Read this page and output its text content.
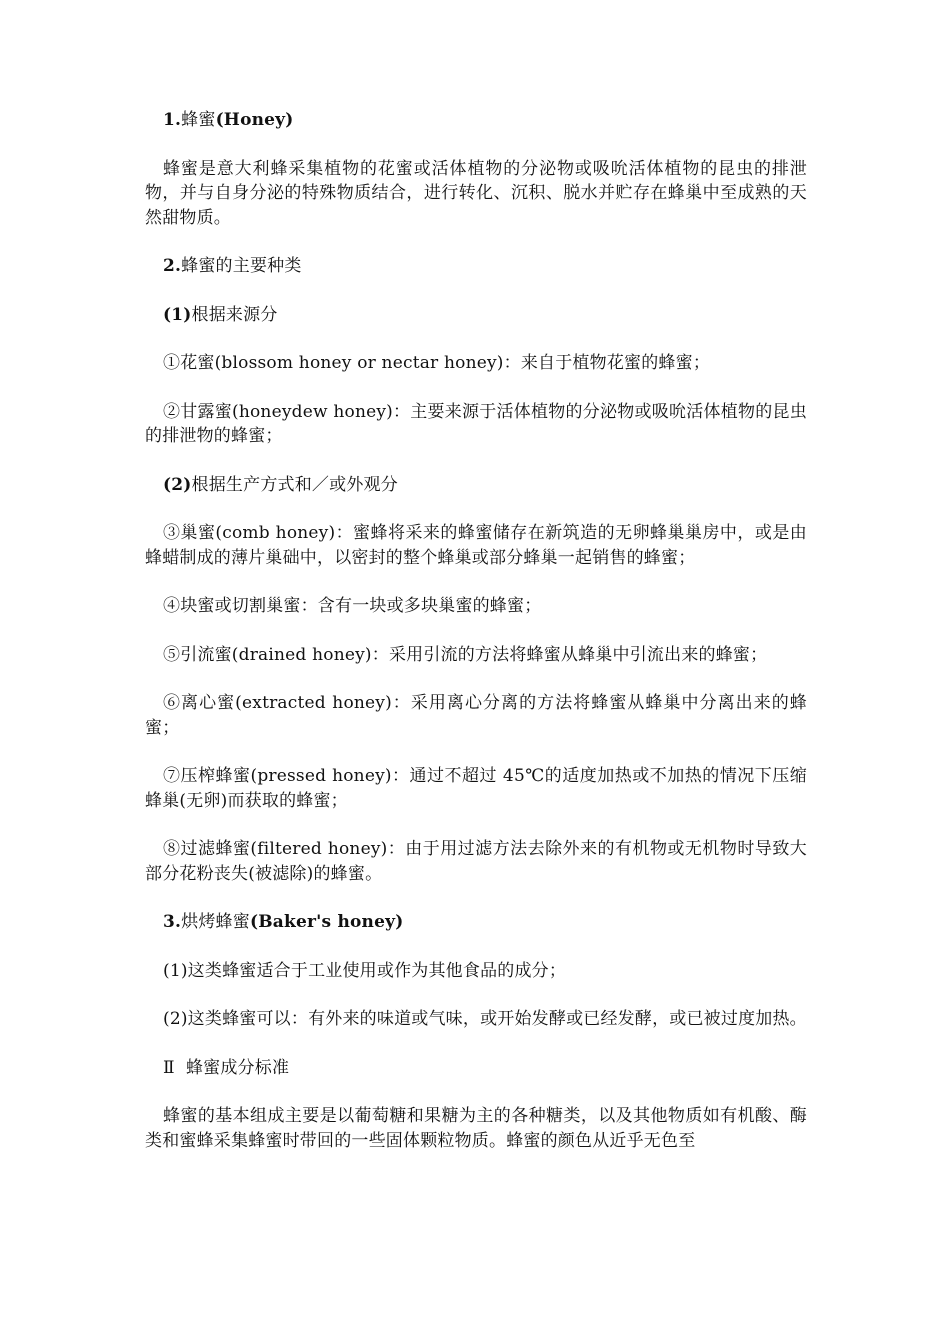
1.蜂蜜(Honey)

蜂蜜是意大利蜂采集植物的花蜜或活体植物的分泌物或吸吮活体植物的昆虫的排泄物，并与自身分泌的特殊物质结合，进行转化、沉积、脱水并贮存在蜂巢中至成熟的天然甜物质。

2.蜂蜜的主要种类

(1)根据来源分

①花蜜(blossom honey or nectar honey)：来自于植物花蜜的蜂蜜；

②甘露蜜(honeydew honey)：主要来源于活体植物的分泌物或吸吮活体植物的昆虫的排泄物的蜂蜜；

(2)根据生产方式和／或外观分

③巢蜜(comb honey)：蜜蜂将采来的蜂蜜储存在新筑造的无卵蜂巢巢房中，或是由蜂蜡制成的薄片巢础中，以密封的整个蜂巢或部分蜂巢一起销售的蜂蜜；

④块蜜或切割巢蜜：含有一块或多块巢蜜的蜂蜜；

⑤引流蜜(drained honey)：采用引流的方法将蜂蜜从蜂巢中引流出来的蜂蜜；

⑥离心蜜(extracted honey)：采用离心分离的方法将蜂蜜从蜂巢中分离出来的蜂蜜；

⑦压榨蜂蜜(pressed honey)：通过不超过 45℃的适度加热或不加热的情况下压缩蜂巢(无卵)而获取的蜂蜜；

⑧过滤蜂蜜(filtered honey)：由于用过滤方法去除外来的有机物或无机物时导致大部分花粉丧失(被滤除)的蜂蜜。

3.烘烤蜂蜜(Baker's honey)

(1)这类蜂蜜适合于工业使用或作为其他食品的成分；

(2)这类蜂蜜可以：有外来的味道或气味，或开始发酵或已经发酵，或已被过度加热。

Ⅱ  蜂蜜成分标准

蜂蜜的基本组成主要是以葡萄糖和果糖为主的各种糖类，以及其他物质如有机酸、酶类和蜜蜂采集蜂蜜时带回的一些固体颗粒物质。蜂蜜的颜色从近乎无色至
